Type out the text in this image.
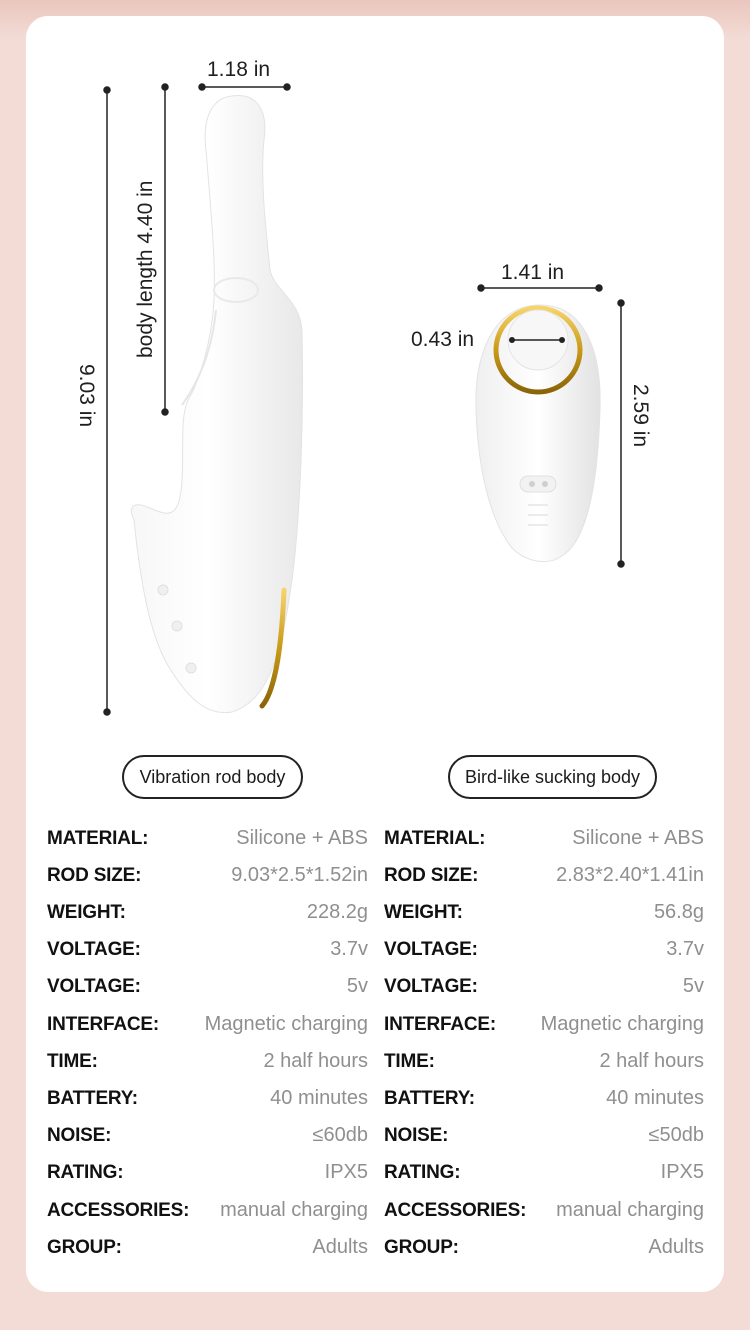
1.18 in
9.03 in
body length 4.40 in	1.41 in
0.43 in
2.59 in
Vibration rod body	Bird-like sucking body
MATERIAL:	Silicone + ABS
ROD SIZE:	9.03*2.5*1.52in
WEIGHT:	228.2g
VOLTAGE:	3.7v
VOLTAGE:	5v
INTERFACE: Magnetic charging
TIME:	2 half hours
BATTERY:	40 minutes
NOISE:	≤60db
RATING:	IPX5
ACCESSORIES: manual charging
GROUP:	Adults
MATERIAL:	Silicone + ABS
ROD SIZE:	2.83*2.40*1.41in
WEIGHT:	56.8g
VOLTAGE:	3.7v
VOLTAGE:	5v
INTERFACE: Magnetic charging
TIME:	2 half hours
BATTERY:	40 minutes
NOISE:	≤50db
RATING:	IPX5
ACCESSORIES: manual charging
GROUP:	Adults
